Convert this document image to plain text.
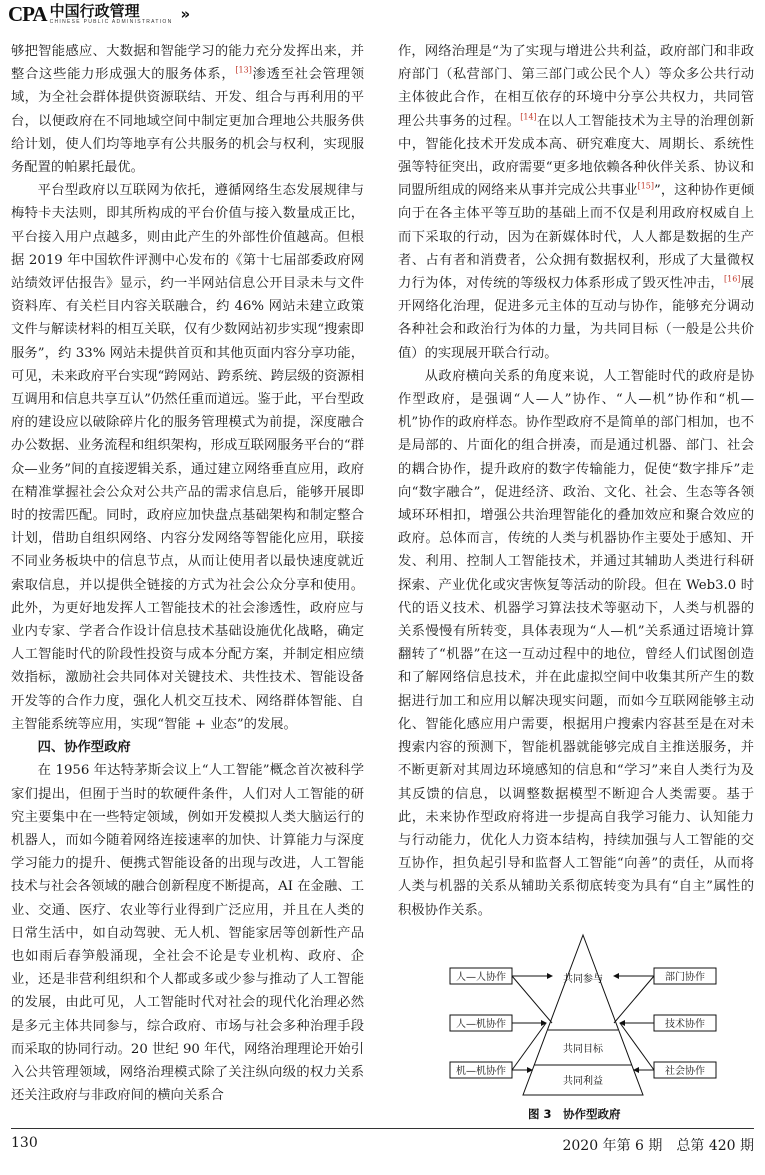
CPA 中国行政管理
CHINESE PUBLIC ADMINISTRATION »

够把智能感应、大数据和智能学习的能力充分发挥出来，并整合这些能力形成强大的服务体系，[13]渗透至社会管理领域，为全社会群体提供资源联结、开发、组合与再利用的平台，以便政府在不同地域空间中制定更加合理地公共服务供给计划，使人们均等地享有公共服务的机会与权利，实现服务配置的帕累托最优。

平台型政府以互联网为依托，遵循网络生态发展规律与梅特卡夫法则，即其所构成的平台价值与接入数量成正比，平台接入用户点越多，则由此产生的外部性价值越高。但根据 2019 年中国软件评测中心发布的《第十七届部委政府网站绩效评估报告》显示，约一半网站信息公开目录未与文件资料库、有关栏目内容关联融合，约 46% 网站未建立政策文件与解读材料的相互关联，仅有少数网站初步实现“搜索即服务”，约 33% 网站未提供首页和其他页面内容分享功能，可见，未来政府平台实现“跨网站、跨系统、跨层级的资源相互调用和信息共享互认”仍然任重而道远。鉴于此，平台型政府的建设应以破除碎片化的服务管理模式为前提，深度融合办公数据、业务流程和组织架构，形成互联网服务平台的“群众—业务”间的直接逻辑关系，通过建立网络垂直应用，政府在精准掌握社会公众对公共产品的需求信息后，能够开展即时的按需匹配。同时，政府应加快盘点基础架构和制定整合计划，借助自组织网络、内容分发网络等智能化应用，联接不同业务板块中的信息节点，从而让使用者以最快速度就近索取信息，并以提供全链接的方式为社会公众分享和使用。此外，为更好地发挥人工智能技术的社会渗透性，政府应与业内专家、学者合作设计信息技术基础设施优化战略，确定人工智能时代的阶段性投资与成本分配方案，并制定相应绩效指标，激励社会共同体对关键技术、共性技术、智能设备开发等的合作力度，强化人机交互技术、网络群体智能、自主智能系统等应用，实现“智能 + 业态”的发展。

四、协作型政府

在 1956 年达特茅斯会议上“人工智能”概念首次被科学家们提出，但囿于当时的软硬件条件，人们对人工智能的研究主要集中在一些特定领域，例如开发模拟人类大脑运行的机器人，而如今随着网络连接速率的加快、计算能力与深度学习能力的提升、便携式智能设备的出现与改进，人工智能技术与社会各领域的融合创新程度不断提高，AI 在金融、工业、交通、医疗、农业等行业得到广泛应用，并且在人类的日常生活中，如自动驾驶、无人机、智能家居等创新性产品也如雨后春笋般涌现，全社会不论是专业机构、政府、企业，还是非营利组织和个人都或多或少参与推动了人工智能的发展，由此可见，人工智能时代对社会的现代化治理必然是多元主体共同参与，综合政府、市场与社会多种治理手段而采取的协同行动。20 世纪 90 年代，网络治理理论开始引入公共管理领域，网络治理模式除了关注纵向级的权力关系还关注政府与非政府间的横向关系合

作，网络治理是“为了实现与增进公共利益，政府部门和非政府部门（私营部门、第三部门或公民个人）等众多公共行动主体彼此合作，在相互依存的环境中分享公共权力，共同管理公共事务的过程。[14]在以人工智能技术为主导的治理创新中，智能化技术开发成本高、研究难度大、周期长、系统性强等特征突出，政府需要“更多地依赖各种伙伴关系、协议和同盟所组成的网络来从事并完成公共事业[15]”，这种协作更倾向于在各主体平等互助的基础上而不仅是利用政府权威自上而下采取的行动，因为在新媒体时代，人人都是数据的生产者、占有者和消费者，公众拥有数据权利，形成了大量微权力行为体，对传统的等级权力体系形成了毁灭性冲击，[16]展开网络化治理，促进多元主体的互动与协作，能够充分调动各种社会和政治行为体的力量，为共同目标（一般是公共价值）的实现展开联合行动。

从政府横向关系的角度来说，人工智能时代的政府是协作型政府，是强调“人—人”协作、“人—机”协作和“机—机”协作的政府样态。协作型政府不是简单的部门相加，也不是局部的、片面化的组合拼凑，而是通过机器、部门、社会的耦合协作，提升政府的数字传输能力，促使“数字排斥”走向“数字融合”，促进经济、政治、文化、社会、生态等各领域环环相扣，增强公共治理智能化的叠加效应和聚合效应的政府。总体而言，传统的人类与机器协作主要处于感知、开发、利用、控制人工智能技术，并通过其辅助人类进行科研探索、产业优化或灾害恢复等活动的阶段。但在 Web3.0 时代的语义技术、机器学习算法技术等驱动下，人类与机器的关系慢慢有所转变，具体表现为“人—机”关系通过语境计算翻转了“机器”在这一互动过程中的地位，曾经人们试图创造和了解网络信息技术，并在此虚拟空间中收集其所产生的数据进行加工和应用以解决现实问题，而如今互联网能够主动化、智能化感应用户需要，根据用户搜索内容甚至是在对未搜索内容的预测下，智能机器就能够完成自主推送服务，并不断更新对其周边环境感知的信息和“学习”来自人类行为及其反馈的信息，以调整数据模型不断迎合人类需要。基于此，未来协作型政府将进一步提高自我学习能力、认知能力与行动能力，优化人力资本结构，持续加强与人工智能的交互协作，担负起引导和监督人工智能“向善”的责任，从而将人类与机器的关系从辅助关系彻底转变为具有“自主”属性的积极协作关系。

共同参与
共同目标
共同利益
人—人协作
人—机协作
机—机协作
部门协作
技术协作
社会协作
图 3　协作型政府
130	2020 年第 6 期　总第 420 期
